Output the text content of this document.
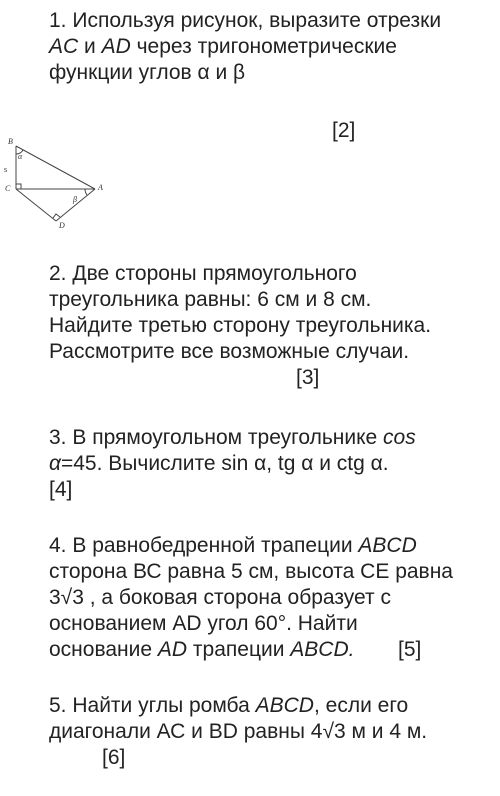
1. Используя рисунок, выразите отрезки
AC и AD через тригонометрические
функции углов α и β
[2]
B
C	A
D
α
β
s
2. Две стороны прямоугольного
треугольника равны: 6 см и 8 см.
Найдите третью сторону треугольника.
Рассмотрите все возможные случаи.
[3]
3. В прямоугольном треугольнике cos
α=45. Вычислите sin α, tg α и ctg α.
[4]
4. В равнобедренной трапеции ABCD
сторона ВС равна 5 см, высота СЕ равна
3√3 , а боковая сторона образует с
основанием AD угол 60°. Найти
основание AD трапеции ABCD. [5]
5. Найти углы ромба ABCD, если его
диагонали АС и BD равны 4√3 м и 4 м.
[6]
